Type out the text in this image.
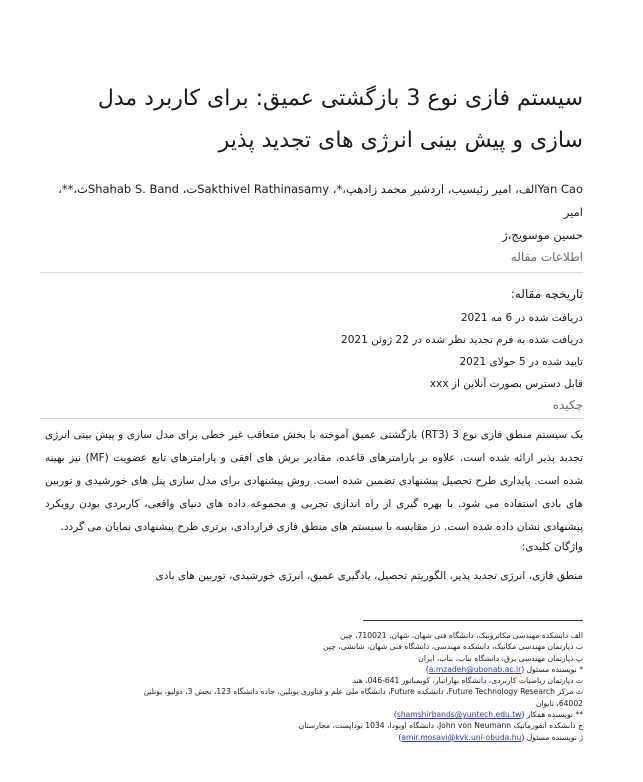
سیستم فازی نوع 3 بازگشتی عمیق: برای کاربرد مدل
سازی و پیش بینی انرژی های تجدید پذیر
Yan Caoالف، امیر رئیسیب، اردشیر محمد زادهپ،*، Sakthivel Rathinasamyت، Shahab S. Bandث،**، امیر
حسین موسویج،ژ
اطلاعات مقاله
تاریخچه مقاله:
دریافت شده در 6 مه 2021
دریافت شده به فرم تجدید نظر شده در 22 ژوئن 2021
تایید شده در 5 جولای 2021
قابل دسترس بصورت آنلاین از xxx
چکیده
یک سیستم منطق فازی نوع 3 (RT3) بازگشتی عمیق آموخته با بخش متعاقب غیر خطی برای مدل سازی و پیش بینی انرژی تجدید پذیر ارائه شده است. علاوه بر پارامترهای قاعده، مقادیر برش های افقی و پارامترهای تابع عضویت (MF) نیز بهینه شده است. پایداری طرح تحصیل پیشنهادی تضمین شده است. روش پیشنهادی برای مدل سازی پنل های خورشیدی و توربین های بادی استفاده می شود. با بهره گیری از راه اندازی تجربی و مجموعه داده های دنیای واقعی، کاربردی بودن رویکرد پیشنهادی نشان داده شده است. در مقایسه با سیستم های منطق فازی قراردادی، برتری طرح پیشنهادی نمایان می گردد.
واژگان کلیدی:
منطق فازی، انرژی تجدید پذیر، الگوریتم تحصیل، یادگیری عمیق، انرژی خورشیدی، توربین های بادی
الف دانشکده مهندسی مکاترونیک، دانشگاه فنی شهان، شهان، 710021، چین
ب دپارتمان مهندسی مکانیک، دانشکده مهندسی، دانشگاه فنی شهان، شانشی، چین
پ دپارتمان مهندسی برق، دانشگاه بناب، بناب، ایران
* نویسنده مسئول (a.mzadeh@ubonab.ac.ir)
ت دپارتمان ریاضیات کاربردی، دانشگاه بهاراتیار، کویمباتور 641-046، هند
ث مرکز Future Technology Research، دانشکده Future، دانشگاه ملی علم و فناوری یونلین، جاده دانشگاه 123، بخش 3، دولیو، یونلین
64002، تایوان
** نویسنده همکار (shamshirbands@yuntech.edu.tw)
ج دانشکده انفورماتیک John von Neumann، دانشگاه اوبودا، 1034 بوداپست، مجارستان
ژ نویسنده مسئول (amir.mosavi@kvk.uni-obuda.hu)
